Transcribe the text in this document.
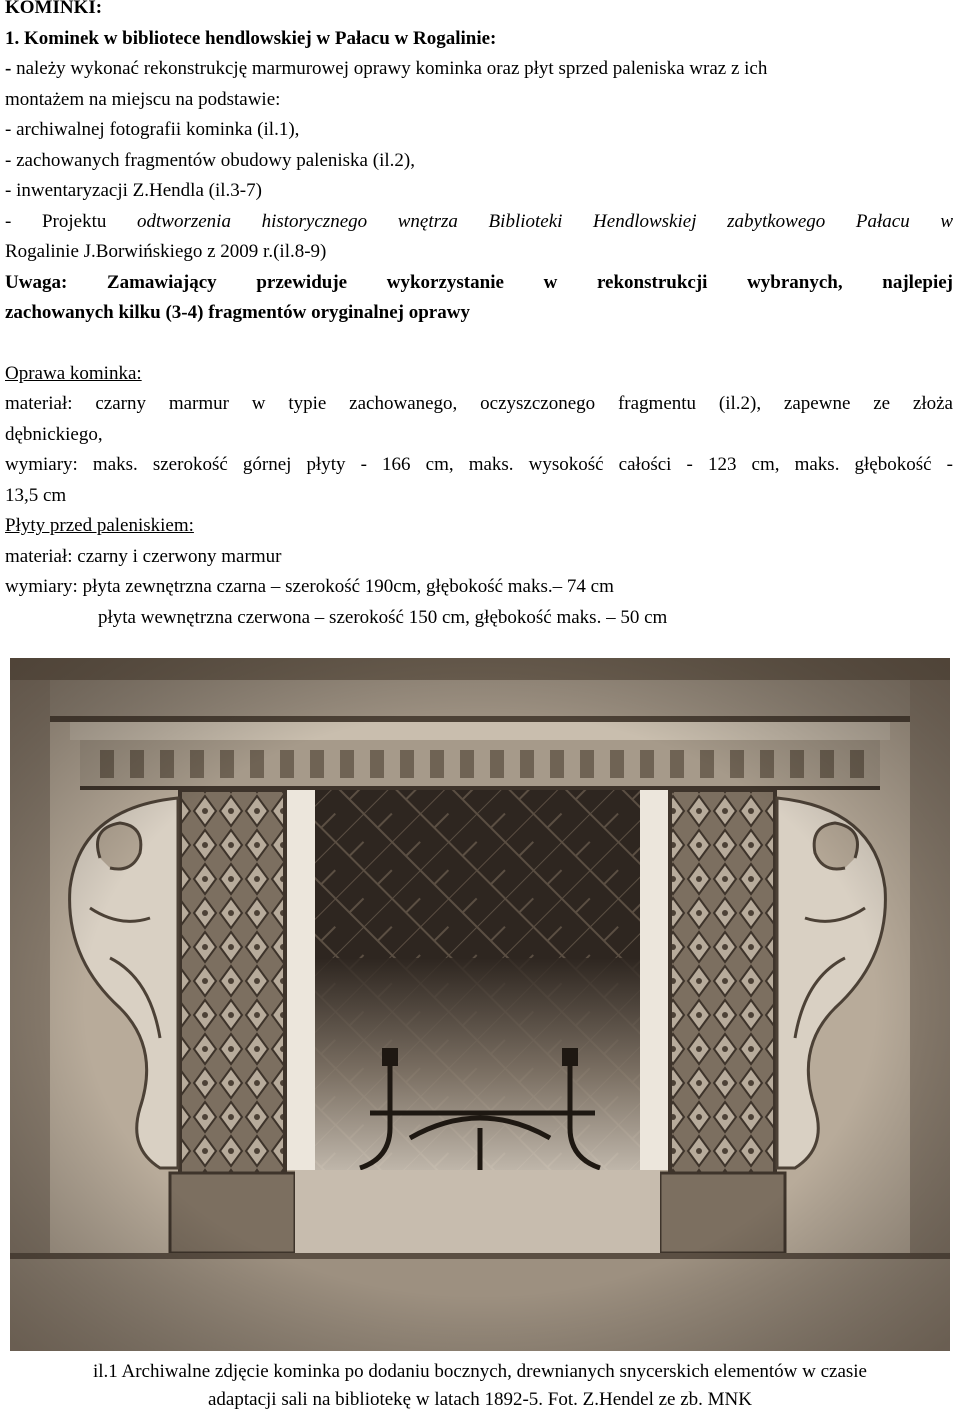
KOMINKI:
1. Kominek w bibliotece hendlowskiej w Pałacu w Rogalinie:
- należy wykonać rekonstrukcję marmurowej oprawy kominka oraz płyt sprzed paleniska wraz z ich
montażem na miejscu na podstawie:
- archiwalnej fotografii kominka (il.1),
- zachowanych fragmentów obudowy paleniska (il.2),
- inwentaryzacji Z.Hendla (il.3-7)
- Projektu odtworzenia historycznego wnętrza Biblioteki Hendlowskiej zabytkowego Pałacu w
Rogalinie J.Borwińskiego z 2009 r.(il.8-9)
Uwaga: Zamawiający przewiduje wykorzystanie w rekonstrukcji wybranych, najlepiej
zachowanych kilku (3-4) fragmentów oryginalnej oprawy
Oprawa kominka:
materiał: czarny marmur w typie zachowanego, oczyszczonego fragmentu (il.2), zapewne ze złoża
dębnickiego,
wymiary: maks. szerokość górnej płyty - 166 cm, maks. wysokość całości - 123 cm, maks. głębokość -
13,5 cm
Płyty przed paleniskiem:
materiał: czarny i czerwony marmur
wymiary: płyta zewnętrzna czarna – szerokość 190cm, głębokość maks.– 74 cm
płyta wewnętrzna czerwona – szerokość 150 cm, głębokość maks. – 50 cm
il.1 Archiwalne zdjęcie kominka po dodaniu bocznych, drewnianych snycerskich elementów w czasie
adaptacji sali na bibliotekę w latach 1892-5. Fot. Z.Hendel ze zb. MNK
